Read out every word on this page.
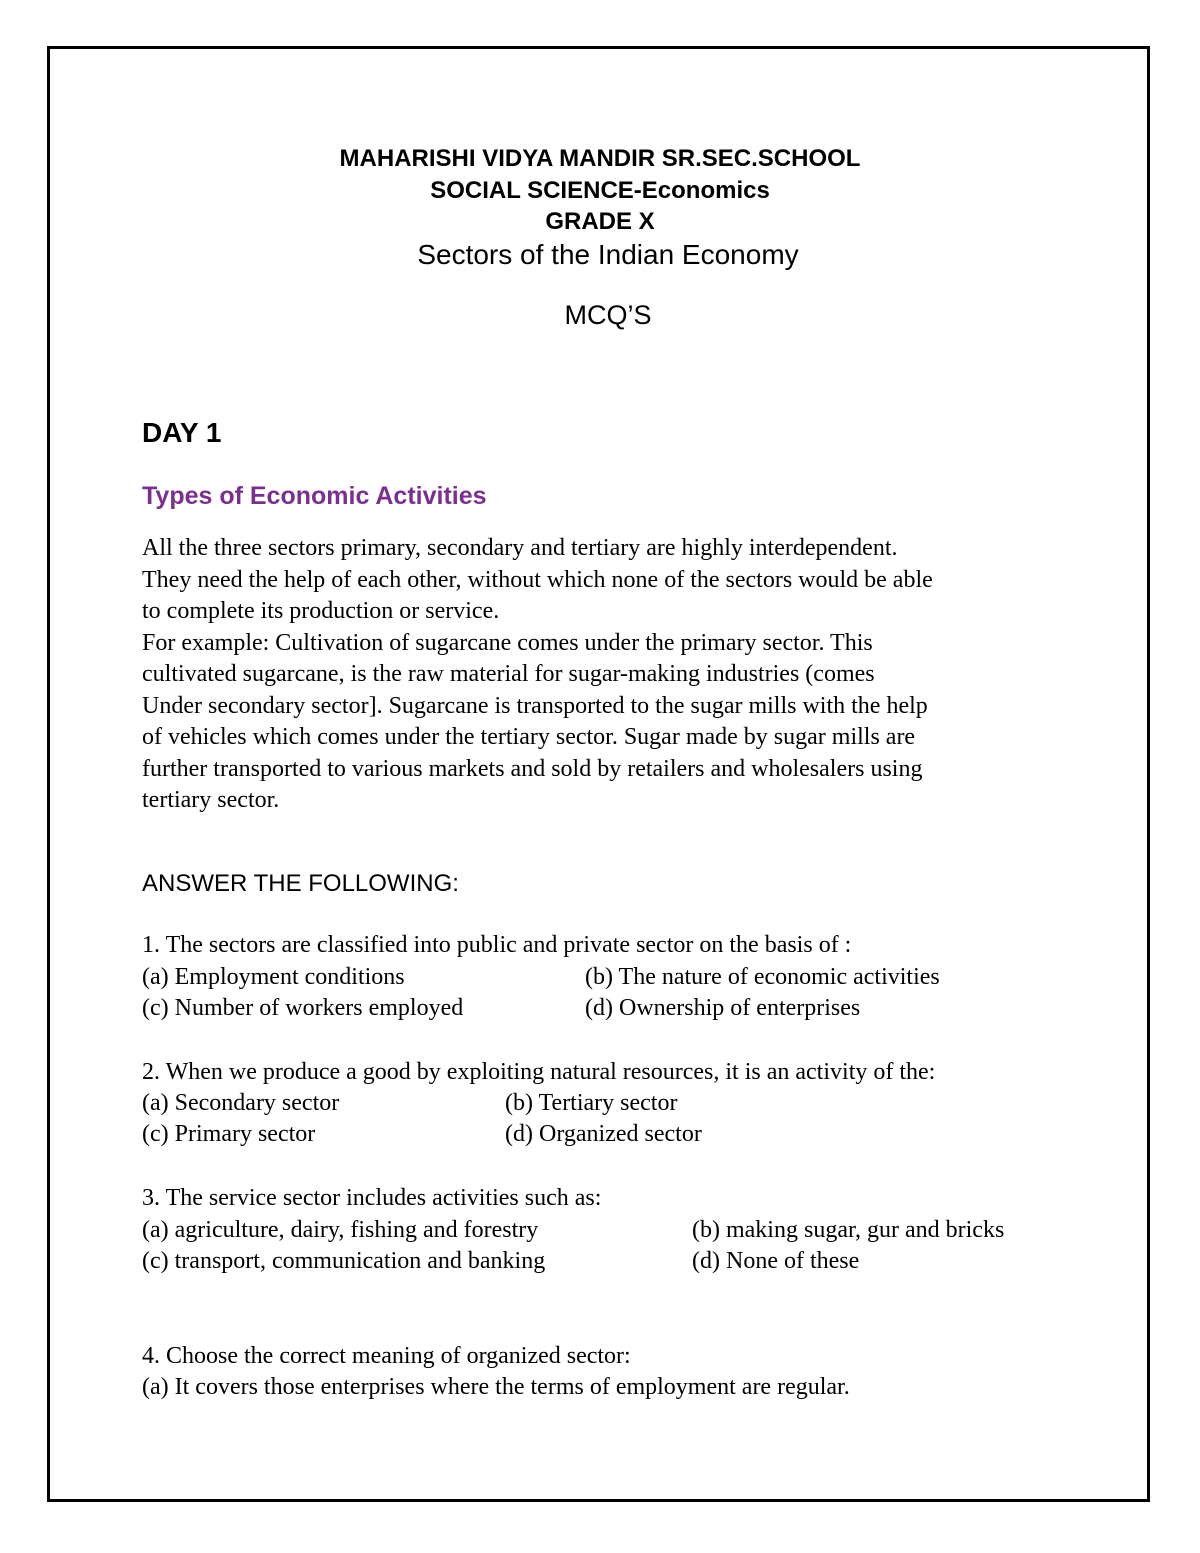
MAHARISHI VIDYA MANDIR SR.SEC.SCHOOL
SOCIAL SCIENCE-Economics
GRADE X
Sectors of the Indian Economy
MCQ’S
DAY 1
Types of Economic Activities
All the three sectors primary, secondary and tertiary are highly interdependent.
They need the help of each other, without which none of the sectors would be able
to complete its production or service.
For example: Cultivation of sugarcane comes under the primary sector. This
cultivated sugarcane, is the raw material for sugar-making industries (comes
Under secondary sector]. Sugarcane is transported to the sugar mills with the help
of vehicles which comes under the tertiary sector. Sugar made by sugar mills are
further transported to various markets and sold by retailers and wholesalers using
tertiary sector.
ANSWER THE FOLLOWING:
1. The sectors are classified into public and private sector on the basis of :
(a) Employment conditions	(b) The nature of economic activities
(c) Number of workers employed	(d) Ownership of enterprises
2. When we produce a good by exploiting natural resources, it is an activity of the:
(a) Secondary sector	(b) Tertiary sector
(c) Primary sector	(d) Organized sector
3. The service sector includes activities such as:
(a) agriculture, dairy, fishing and forestry	(b) making sugar, gur and bricks
(c) transport, communication and banking	(d) None of these
4. Choose the correct meaning of organized sector:
(a) It covers those enterprises where the terms of employment are regular.
